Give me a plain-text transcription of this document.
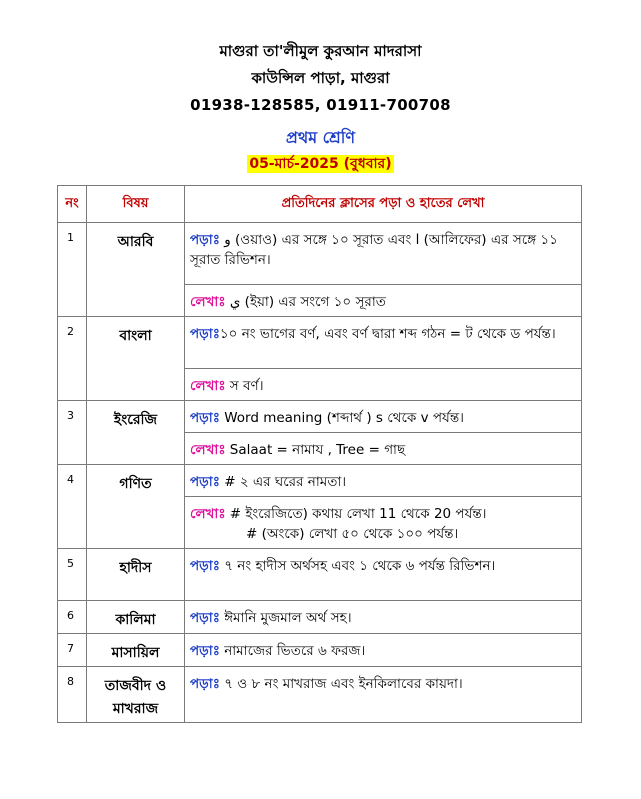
মাগুরা তা'লীমুল কুরআন মাদরাসা
কাউন্সিল পাড়া, মাগুরা
01938-128585, 01911-700708
প্রথম শ্রেণি
05-মার্চ-2025 (বুধবার)
নং	বিষয়	প্রতিদিনের ক্লাসের পড়া ও হাতের লেখা
1	আরবি	পড়াঃ ﻭ (ওয়াও) এর সঙ্গে ১০ সূরাত এবং ﺍ (আলিফের) এর সঙ্গে ১১ সূরাত রিভিশন।
		লেখাঃ ﻱ (ইয়া) এর সংগে ১০ সূরাত
2	বাংলা	পড়াঃ১০ নং ভাগের বর্ণ, এবং বর্ণ দ্বারা শব্দ গঠন = ট থেকে ড পর্যন্ত।
		লেখাঃ স বর্ণ।
3	ইংরেজি	পড়াঃ Word meaning (শব্দার্থ ) s থেকে v পর্যন্ত।
		লেখাঃ Salaat = নামায , Tree = গাছ
4	গণিত	পড়াঃ # ২ এর ঘরের নামতা।
		লেখাঃ # ইংরেজিতে) কথায় লেখা 11 থেকে 20 পর্যন্ত।
# (অংকে) লেখা ৫০ থেকে ১০০ পর্যন্ত।

5	হাদীস	পড়াঃ ৭ নং হাদীস অর্থসহ এবং ১ থেকে ৬ পর্যন্ত রিভিশন।
6	কালিমা	পড়াঃ ঈমানি মুজমাল অর্থ সহ।
7	মাসায়িল	পড়াঃ নামাজের ভিতরে ৬ ফরজ।
8	তাজবীদ ও মাখরাজ	পড়াঃ ৭ ও ৮ নং মাখরাজ এবং ইনকিলাবের কায়দা।
